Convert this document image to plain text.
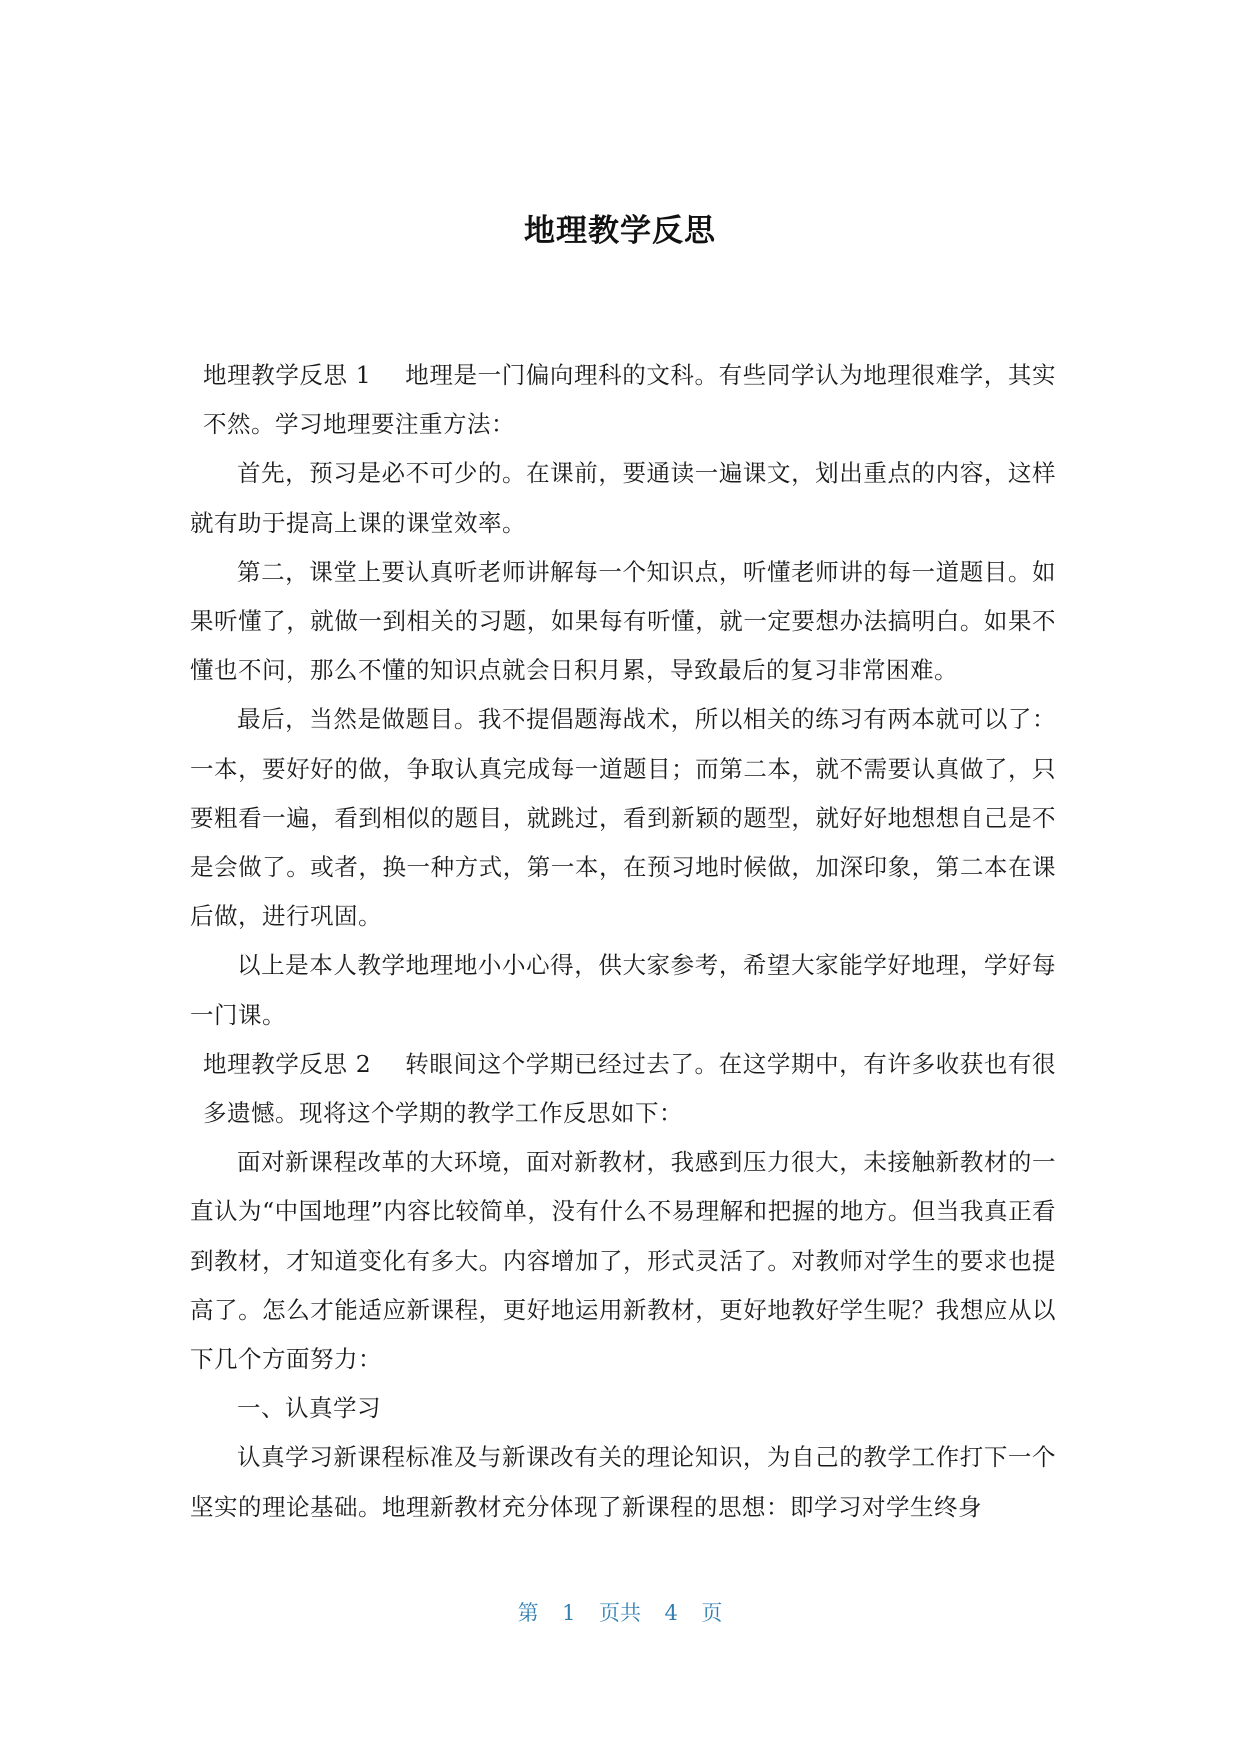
地理教学反思

地理教学反思 1 地理是一门偏向理科的文科。有些同学认为地理很难学，其实不然。学习地理要注重方法：

首先，预习是必不可少的。在课前，要通读一遍课文，划出重点的内容，这样就有助于提高上课的课堂效率。

第二，课堂上要认真听老师讲解每一个知识点，听懂老师讲的每一道题目。如果听懂了，就做一到相关的习题，如果每有听懂，就一定要想办法搞明白。如果不懂也不问，那么不懂的知识点就会日积月累，导致最后的复习非常困难。

最后，当然是做题目。我不提倡题海战术，所以相关的练习有两本就可以了：一本，要好好的做，争取认真完成每一道题目；而第二本，就不需要认真做了，只要粗看一遍，看到相似的题目，就跳过，看到新颖的题型，就好好地想想自己是不是会做了。或者，换一种方式，第一本，在预习地时候做，加深印象，第二本在课后做，进行巩固。

以上是本人教学地理地小小心得，供大家参考，希望大家能学好地理，学好每一门课。

地理教学反思 2 转眼间这个学期已经过去了。在这学期中，有许多收获也有很多遗憾。现将这个学期的教学工作反思如下：

面对新课程改革的大环境，面对新教材，我感到压力很大，未接触新教材的一直认为“中国地理”内容比较简单，没有什么不易理解和把握的地方。但当我真正看到教材，才知道变化有多大。内容增加了，形式灵活了。对教师对学生的要求也提高了。怎么才能适应新课程，更好地运用新教材，更好地教好学生呢？我想应从以下几个方面努力：

一、认真学习

认真学习新课程标准及与新课改有关的理论知识，为自己的教学工作打下一个坚实的理论基础。地理新教材充分体现了新课程的思想：即学习对学生终身

第 1 页共 4 页
